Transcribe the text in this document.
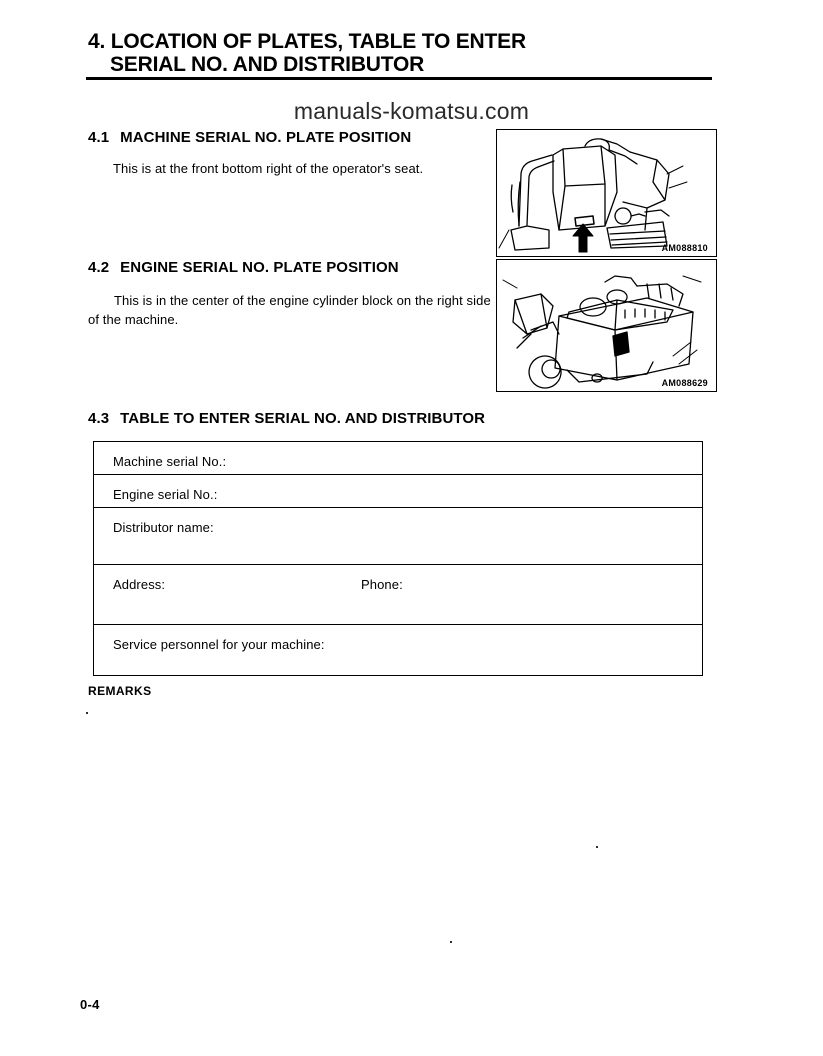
4. LOCATION OF PLATES, TABLE TO ENTER
SERIAL NO. AND DISTRIBUTOR
manuals-komatsu.com
4.1 MACHINE SERIAL NO. PLATE POSITION
This is at the front bottom right of the operator's seat.
AM088810
4.2 ENGINE SERIAL NO. PLATE POSITION
This is in the center of the engine cylinder block on the right side of the machine.
AM088629
4.3 TABLE TO ENTER SERIAL NO. AND DISTRIBUTOR
Machine serial No.:
Engine serial No.:
Distributor name:
Address:	Phone:
Service personnel for your machine:
REMARKS
0-4
